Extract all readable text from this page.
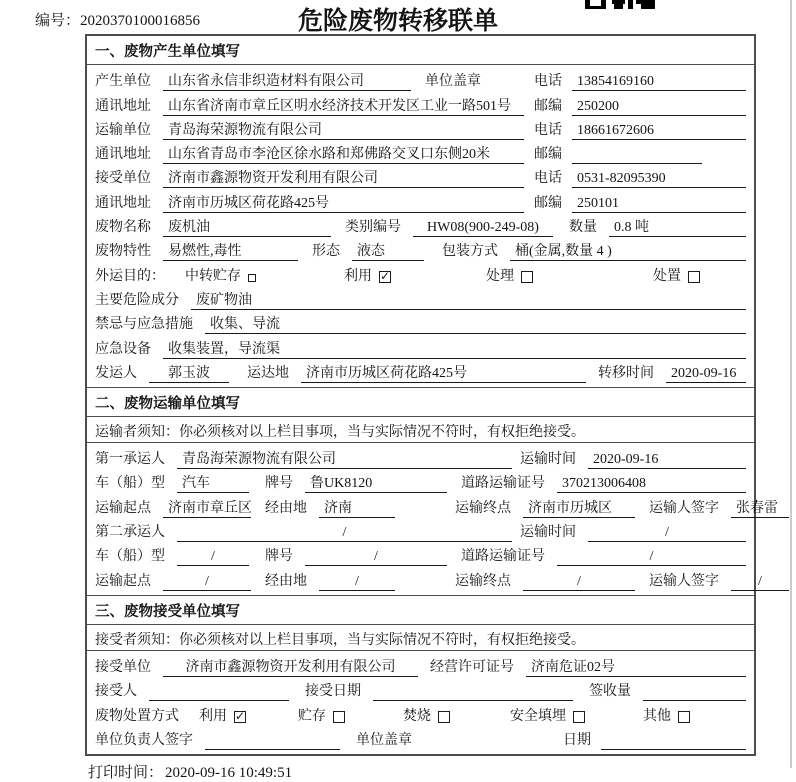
编号：2020370100016856	危险废物转移联单
一、废物产生单位填写
产生单位	山东省永信非织造材料有限公司	单位盖章	电话	13854169160
通讯地址	山东省济南市章丘区明水经济技术开发区工业一路501号	邮编	250200
运输单位	青岛海荣源物流有限公司	电话	18661672606
通讯地址	山东省青岛市李沧区徐水路和郑佛路交叉口东侧20米	邮编
接受单位	济南市鑫源物资开发利用有限公司	电话	0531-82095390
通讯地址	济南市历城区荷花路425号	邮编	250101
废物名称	废机油	类别编号	HW08(900-249-08)	数量	0.8 吨
废物特性	易燃性,毒性	形态	液态	包装方式	桶(金属,数量 4 )
外运目的： 中转贮存	利用 ✓	处理	处置
主要危险成分	废矿物油
禁忌与应急措施	收集、导流
应急设备	收集装置，导流渠
发运人	郭玉波	运达地	济南市历城区荷花路425号	转移时间	2020-09-16
二、废物运输单位填写
运输者须知：你必须核对以上栏目事项，当与实际情况不符时，有权拒绝接受。
第一承运人	青岛海荣源物流有限公司	运输时间	2020-09-16
车（船）型	汽车	牌号	鲁UK8120	道路运输证号	370213006408
运输起点	济南市章丘区 经由地	济南	运输终点	济南市历城区	运输人签字	张春雷
第二承运人	/	运输时间	/
车（船）型	/	牌号	/	道路运输证号	/
运输起点	/	经由地	/	运输终点	/	运输人签字	/
三、废物接受单位填写
接受者须知：你必须核对以上栏目事项，当与实际情况不符时，有权拒绝接受。
接受单位	济南市鑫源物资开发利用有限公司	经营许可证号	济南危证02号
接受人	接受日期	签收量
废物处置方式 利用 ✓	贮存	焚烧	安全填埋	其他
单位负责人签字	单位盖章	日期
打印时间： 2020-09-16 10:49:51
